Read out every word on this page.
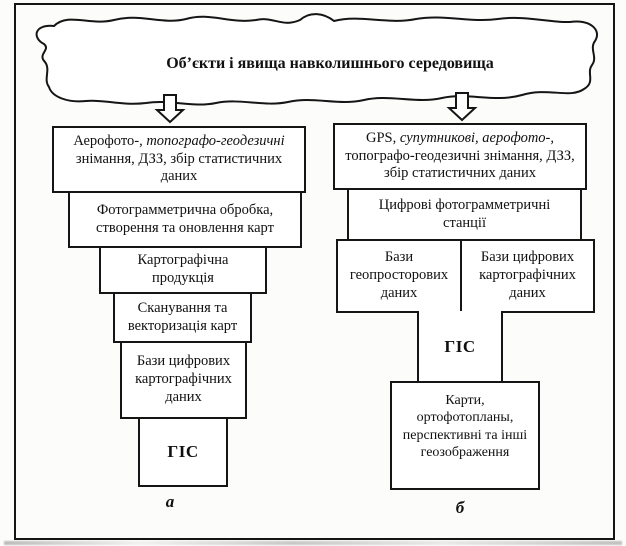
Об’єкти і явища навколишнього середовища
Аерофото-, топографо-геодезичні знімання, ДЗЗ, збір статистичних даних
Фотограмметрична обробка, створення та оновлення карт
Картографічна продукція
Сканування та векторизація карт
Бази цифрових картографічних даних
ГІС
а
GPS, супутникові, аерофото-, топографо-геодезичні знімання, ДЗЗ, збір статистичних даних
Цифрові фотограмметричні станції
Бази геопросторових даних
Бази цифрових картографічних даних
ГІС
Карти, ортофотопланы, перспективні та інші геозображення
б
